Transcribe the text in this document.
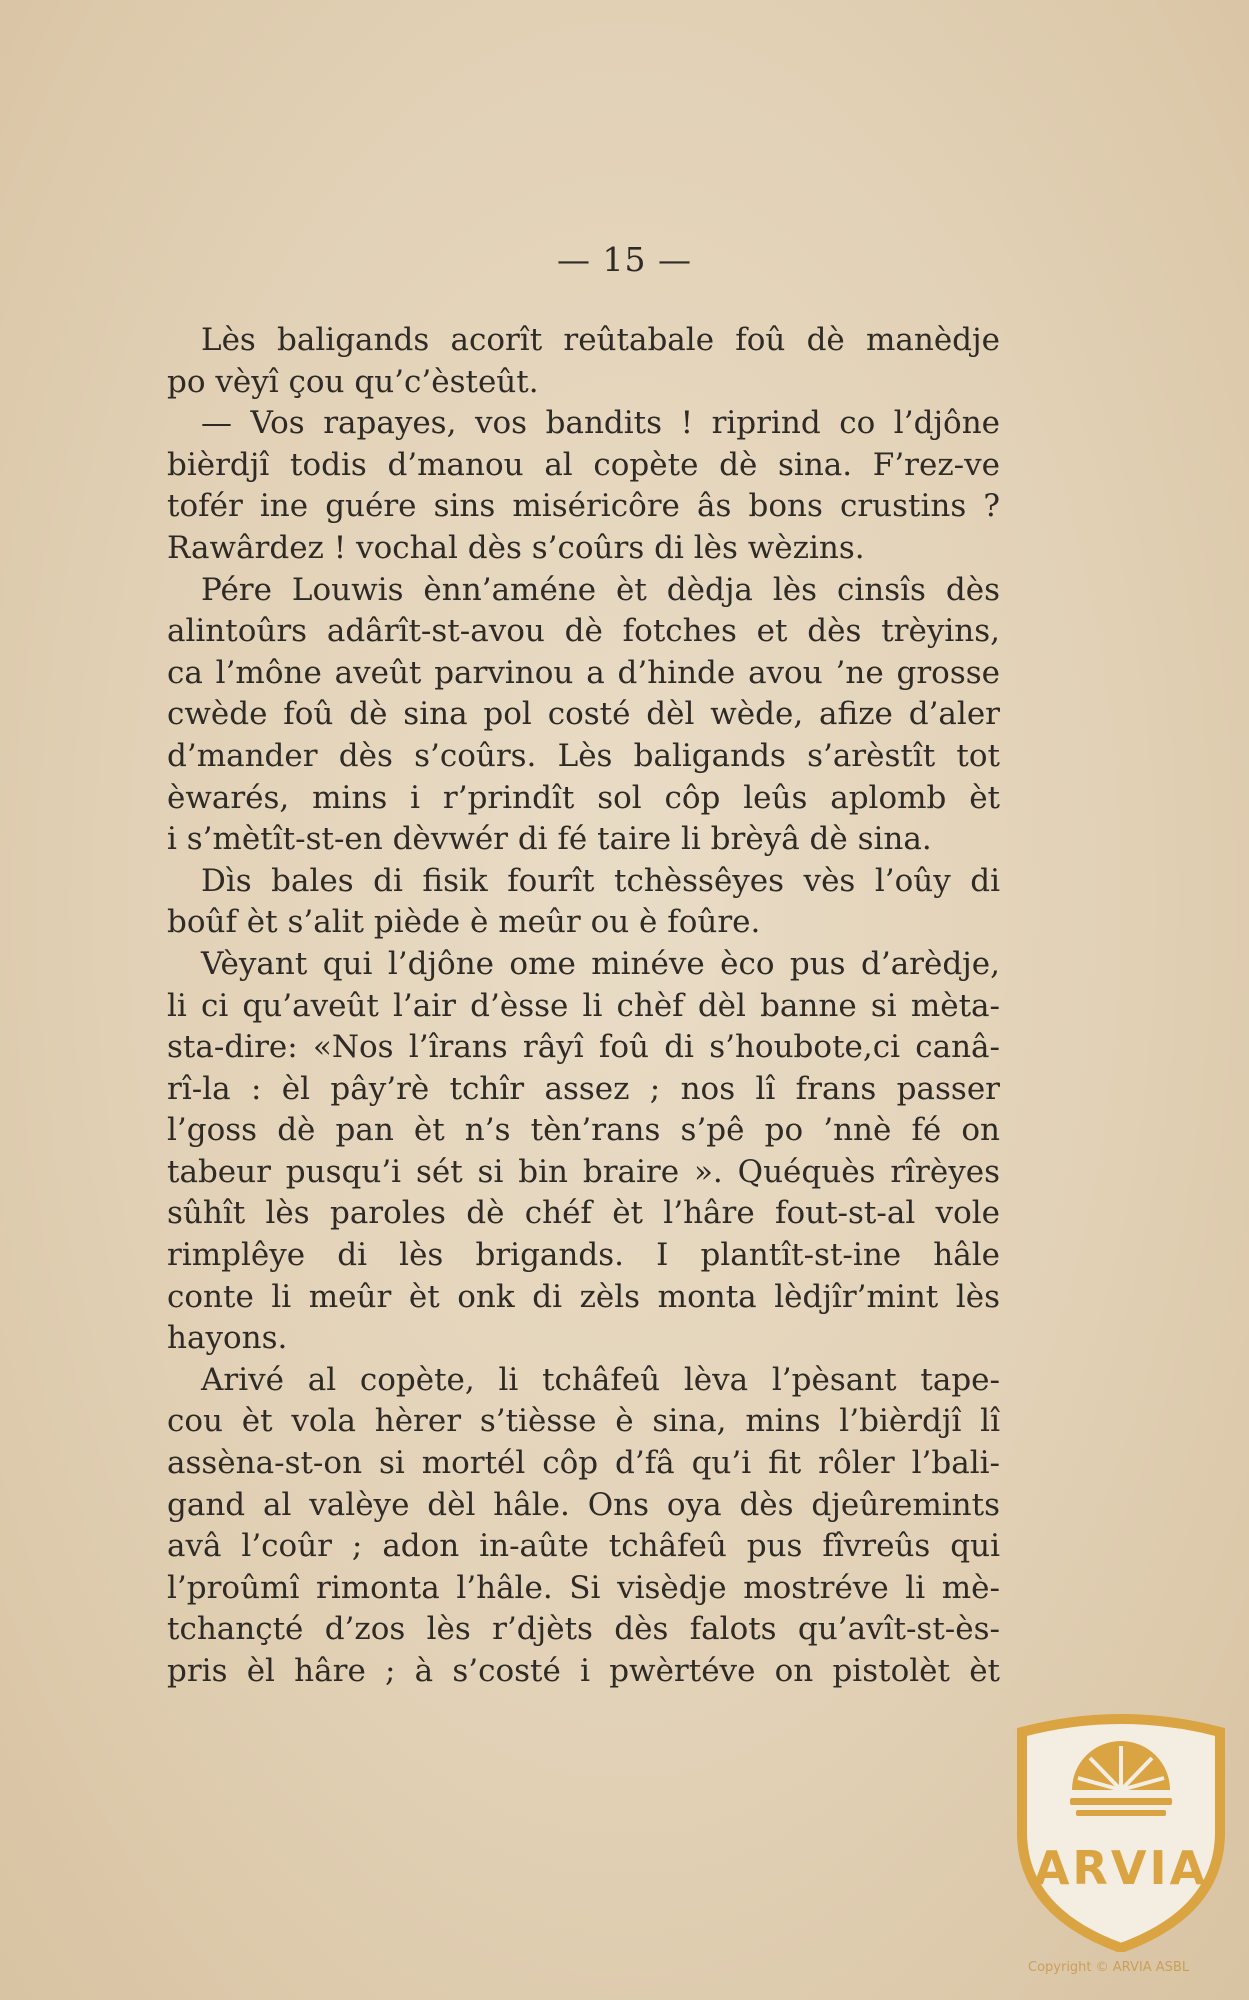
— 15 —
Lès baligands acorît reûtabale foû dè manèdje
po vèyî çou qu’c’èsteût.
— Vos rapayes, vos bandits ! riprind co l’djône
bièrdjî todis d’manou al copète dè sina. F’rez-ve
tofér ine guére sins miséricôre âs bons crustins ?
Rawârdez ! vochal dès s’coûrs di lès wèzins.
Pére Louwis ènn’améne èt dèdja lès cinsîs dès
alintoûrs adârît-st-avou dè fotches et dès trèyins,
ca l’mône aveût parvinou a d’hinde avou ’ne grosse
cwède foû dè sina pol costé dèl wède, afize d’aler
d’mander dès s’coûrs. Lès baligands s’arèstît tot
èwarés, mins i r’prindît sol côp leûs aplomb èt
i s’mètît-st-en dèvwér di fé taire li brèyâ dè sina.
Dìs bales di fisik fourît tchèssêyes vès l’oûy di
boûf èt s’alit piède è meûr ou è foûre.
Vèyant qui l’djône ome minéve èco pus d’arèdje,
li ci qu’aveût l’air d’èsse li chèf dèl banne si mèta-
sta-dire: «Nos l’îrans râyî foû di s’houbote,ci canâ-
rî-la : èl pây’rè tchîr assez ; nos lî frans passer
l’goss dè pan èt n’s tèn’rans s’pê po ’nnè fé on
tabeur pusqu’i sét si bin braire ». Quéquès rîrèyes
sûhît lès paroles dè chéf èt l’hâre fout-st-al vole
rimplêye di lès brigands. I plantît-st-ine hâle
conte li meûr èt onk di zèls monta lèdjîr’mint lès
hayons.
Arivé al copète, li tchâfeû lèva l’pèsant tape-
cou èt vola hèrer s’tièsse è sina, mins l’bièrdjî lî
assèna-st-on si mortél côp d’fâ qu’i fit rôler l’bali-
gand al valèye dèl hâle. Ons oya dès djeûremints
avâ l’coûr ; adon in-aûte tchâfeû pus fîvreûs qui
l’proûmî rimonta l’hâle. Si visèdje mostréve li mè-
tchançté d’zos lès r’djèts dès falots qu’avît-st-ès-
pris èl hâre ; à s’costé i pwèrtéve on pistolèt èt
ARVIA
Copyright © ARVIA ASBL
